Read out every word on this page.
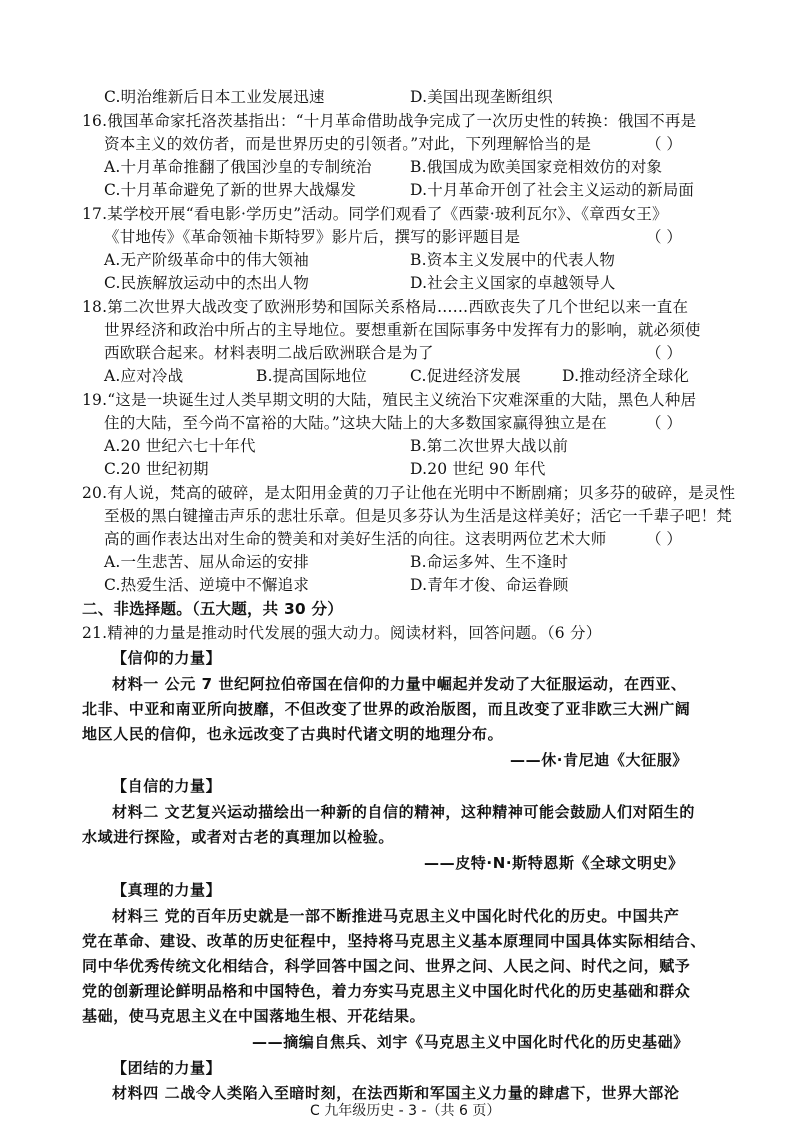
C.明治维新后日本工业发展迅速	D.美国出现垄断组织
16.俄国革命家托洛茨基指出：“十月革命借助战争完成了一次历史性的转换：俄国不再是
资本主义的效仿者，而是世界历史的引领者。”对此，下列理解恰当的是	（ ）
A.十月革命推翻了俄国沙皇的专制统治 B.俄国成为欧美国家竞相效仿的对象
C.十月革命避免了新的世界大战爆发	D.十月革命开创了社会主义运动的新局面
17.某学校开展“看电影·学历史”活动。同学们观看了《西蒙·玻利瓦尔》、《章西女王》
《甘地传》《革命领袖卡斯特罗》影片后，撰写的影评题目是	（ ）
A.无产阶级革命中的伟大领袖	B.资本主义发展中的代表人物
C.民族解放运动中的杰出人物	D.社会主义国家的卓越领导人
18.第二次世界大战改变了欧洲形势和国际关系格局……西欧丧失了几个世纪以来一直在
世界经济和政治中所占的主导地位。要想重新在国际事务中发挥有力的影响，就必须使
西欧联合起来。材料表明二战后欧洲联合是为了	（ ）
A.应对冷战	B.提高国际地位	C.促进经济发展	D.推动经济全球化
19.“这是一块诞生过人类早期文明的大陆，殖民主义统治下灾难深重的大陆，黑色人种居
住的大陆，至今尚不富裕的大陆。”这块大陆上的大多数国家赢得独立是在	（ ）
A.20 世纪六七十年代	B.第二次世界大战以前
C.20 世纪初期	D.20 世纪 90 年代
20.有人说，梵高的破碎，是太阳用金黄的刀子让他在光明中不断剧痛；贝多芬的破碎，是灵性
至极的黑白键撞击声乐的悲壮乐章。但是贝多芬认为生活是这样美好；活它一千辈子吧！梵
高的画作表达出对生命的赞美和对美好生活的向往。这表明两位艺术大师	（ ）
A.一生悲苦、屈从命运的安排	B.命运多舛、生不逢时
C.热爱生活、逆境中不懈追求	D.青年才俊、命运眷顾
二、非选择题。（五大题，共 30 分）
21.精神的力量是推动时代发展的强大动力。阅读材料，回答问题。（6 分）
【信仰的力量】
材料一 公元 7 世纪阿拉伯帝国在信仰的力量中崛起并发动了大征服运动，在西亚、
北非、中亚和南亚所向披靡，不但改变了世界的政治版图，而且改变了亚非欧三大洲广阔
地区人民的信仰，也永远改变了古典时代诸文明的地理分布。
——休·肯尼迪《大征服》
【自信的力量】
材料二 文艺复兴运动描绘出一种新的自信的精神，这种精神可能会鼓励人们对陌生的
水域进行探险，或者对古老的真理加以检验。
——皮特·N·斯特恩斯《全球文明史》
【真理的力量】
材料三 党的百年历史就是一部不断推进马克思主义中国化时代化的历史。中国共产
党在革命、建设、改革的历史征程中，坚持将马克思主义基本原理同中国具体实际相结合、
同中华优秀传统文化相结合，科学回答中国之问、世界之问、人民之问、时代之问，赋予
党的创新理论鲜明品格和中国特色，着力夯实马克思主义中国化时代化的历史基础和群众
基础，使马克思主义在中国落地生根、开花结果。
——摘编自焦兵、刘宇《马克思主义中国化时代化的历史基础》
【团结的力量】
材料四 二战令人类陷入至暗时刻，在法西斯和军国主义力量的肆虐下，世界大部沦
C 九年级历史 - 3 -（共 6 页）
